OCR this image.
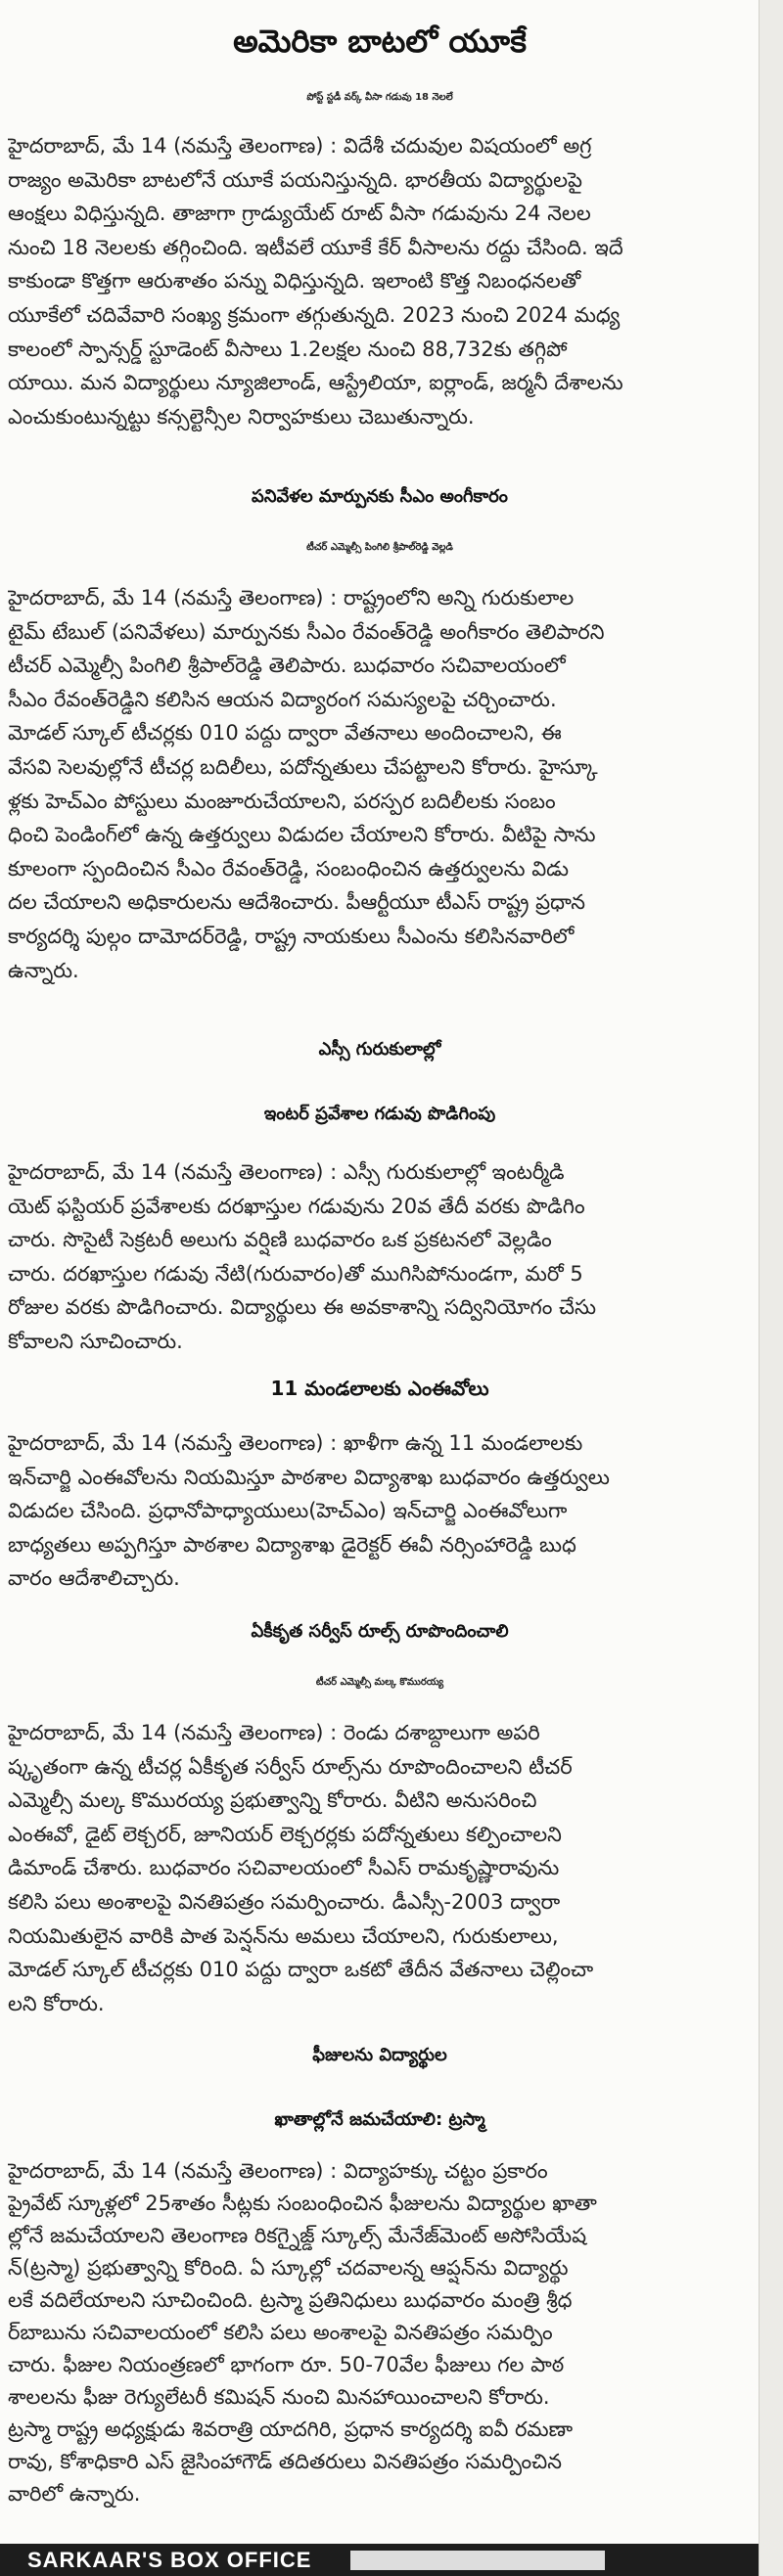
అమెరికా బాటలో యూకే
పోస్ట్ స్టడీ వర్క్ వీసా గడువు 18 నెలలే
హైదరాబాద్, మే 14 (నమస్తే తెలంగాణ) : విదేశీ చదువుల విషయంలో అగ్ర
రాజ్యం అమెరికా బాటలోనే యూకే పయనిస్తున్నది. భారతీయ విద్యార్థులపై
ఆంక్షలు విధిస్తున్నది. తాజాగా గ్రాడ్యుయేట్ రూట్ వీసా గడువును 24 నెలల
నుంచి 18 నెలలకు తగ్గించింది. ఇటీవలే యూకే కేర్ వీసాలను రద్దు చేసింది. ఇదే
కాకుండా కొత్తగా ఆరుశాతం పన్ను విధిస్తున్నది. ఇలాంటి కొత్త నిబంధనలతో
యూకేలో చదివేవారి సంఖ్య క్రమంగా తగ్గుతున్నది. 2023 నుంచి 2024 మధ్య
కాలంలో స్పాన్సర్డ్ స్టూడెంట్ వీసాలు 1.2లక్షల నుంచి 88,732కు తగ్గిపో
యాయి. మన విద్యార్థులు న్యూజిలాండ్, ఆస్ట్రేలియా, ఐర్లాండ్, జర్మనీ దేశాలను
ఎంచుకుంటున్నట్టు కన్సల్టెన్సీల నిర్వాహకులు చెబుతున్నారు.
పనివేళల మార్పునకు సీఎం అంగీకారం
టీచర్ ఎమ్మెల్సీ పింగిలి శ్రీపాల్‌రెడ్డి వెల్లడి
హైదరాబాద్, మే 14 (నమస్తే తెలంగాణ) : రాష్ట్రంలోని అన్ని గురుకులాల
టైమ్ టేబుల్ (పనివేళలు) మార్పునకు సీఎం రేవంత్‌రెడ్డి అంగీకారం తెలిపారని
టీచర్ ఎమ్మెల్సీ పింగిలి శ్రీపాల్‌రెడ్డి తెలిపారు. బుధవారం సచివాలయంలో
సీఎం రేవంత్‌రెడ్డిని కలిసిన ఆయన విద్యారంగ సమస్యలపై చర్చించారు.
మోడల్ స్కూల్ టీచర్లకు 010 పద్దు ద్వారా వేతనాలు అందించాలని, ఈ
వేసవి సెలవుల్లోనే టీచర్ల బదిలీలు, పదోన్నతులు చేపట్టాలని కోరారు. హైస్కూ
ళ్లకు హెచ్ఎం పోస్టులు మంజూరుచేయాలని, పరస్పర బదిలీలకు సంబం
ధించి పెండింగ్‌లో ఉన్న ఉత్తర్వులు విడుదల చేయాలని కోరారు. వీటిపై సాను
కూలంగా స్పందించిన సీఎం రేవంత్‌రెడ్డి, సంబంధించిన ఉత్తర్వులను విడు
దల చేయాలని అధికారులను ఆదేశించారు. పీఆర్టీయూ టీఎస్ రాష్ట్ర ప్రధాన
కార్యదర్శి పుల్గం దామోదర్‌రెడ్డి, రాష్ట్ర నాయకులు సీఎంను కలిసినవారిలో
ఉన్నారు.
ఎస్సీ గురుకులాల్లో
ఇంటర్ ప్రవేశాల గడువు పొడిగింపు
హైదరాబాద్, మే 14 (నమస్తే తెలంగాణ) : ఎస్సీ గురుకులాల్లో ఇంటర్మీడి
యెట్ ఫస్టియర్ ప్రవేశాలకు దరఖాస్తుల గడువును 20వ తేదీ వరకు పొడిగిం
చారు. సొసైటీ సెక్రటరీ అలుగు వర్షిణి బుధవారం ఒక ప్రకటనలో వెల్లడిం
చారు. దరఖాస్తుల గడువు నేటి(గురువారం)తో ముగిసిపోనుండగా, మరో 5
రోజుల వరకు పొడిగించారు. విద్యార్థులు ఈ అవకాశాన్ని సద్వినియోగం చేసు
కోవాలని సూచించారు.
11 మండలాలకు ఎంఈవోలు
హైదరాబాద్, మే 14 (నమస్తే తెలంగాణ) : ఖాళీగా ఉన్న 11 మండలాలకు
ఇన్‌చార్జి ఎంఈవోలను నియమిస్తూ పాఠశాల విద్యాశాఖ బుధవారం ఉత్తర్వులు
విడుదల చేసింది. ప్రధానోపాధ్యాయులు(హెచ్ఎం) ఇన్‌చార్జి ఎంఈవోలుగా
బాధ్యతలు అప్పగిస్తూ పాఠశాల విద్యాశాఖ డైరెక్టర్ ఈవీ నర్సింహారెడ్డి బుధ
వారం ఆదేశాలిచ్చారు.
ఏకీకృత సర్వీస్ రూల్స్ రూపొందించాలి
టీచర్ ఎమ్మెల్సీ మల్క కొమురయ్య
హైదరాబాద్, మే 14 (నమస్తే తెలంగాణ) : రెండు దశాబ్దాలుగా అపరి
ష్కృతంగా ఉన్న టీచర్ల ఏకీకృత సర్వీస్ రూల్స్‌ను రూపొందించాలని టీచర్
ఎమ్మెల్సీ మల్క కొమురయ్య ప్రభుత్వాన్ని కోరారు. వీటిని అనుసరించి
ఎంఈవో, డైట్ లెక్చరర్, జూనియర్ లెక్చరర్లకు పదోన్నతులు కల్పించాలని
డిమాండ్ చేశారు. బుధవారం సచివాలయంలో సీఎస్ రామకృష్ణారావును
కలిసి పలు అంశాలపై వినతిపత్రం సమర్పించారు. డీఎస్సీ-2003 ద్వారా
నియమితులైన వారికి పాత పెన్షన్‌ను అమలు చేయాలని, గురుకులాలు,
మోడల్ స్కూల్ టీచర్లకు 010 పద్దు ద్వారా ఒకటో తేదీన వేతనాలు చెల్లించా
లని కోరారు.
ఫీజులను విద్యార్థుల
ఖాతాల్లోనే జమచేయాలి: ట్రస్మా
హైదరాబాద్, మే 14 (నమస్తే తెలంగాణ) : విద్యాహక్కు చట్టం ప్రకారం
ప్రైవేట్ స్కూళ్లలో 25శాతం సీట్లకు సంబంధించిన ఫీజులను విద్యార్థుల ఖాతా
ల్లోనే జమచేయాలని తెలంగాణ రికగ్నైజ్డ్ స్కూల్స్ మేనేజ్‌మెంట్ అసోసియేష
న్(ట్రస్మా) ప్రభుత్వాన్ని కోరింది. ఏ స్కూల్లో చదవాలన్న ఆప్షన్‌ను విద్యార్థు
లకే వదిలేయాలని సూచించింది. ట్రస్మా ప్రతినిధులు బుధవారం మంత్రి శ్రీధ
ర్‌బాబును సచివాలయంలో కలిసి పలు అంశాలపై వినతిపత్రం సమర్పిం
చారు. ఫీజుల నియంత్రణలో భాగంగా రూ. 50-70వేల ఫీజులు గల పాఠ
శాలలను ఫీజు రెగ్యులేటరీ కమిషన్ నుంచి మినహాయించాలని కోరారు.
ట్రస్మా రాష్ట్ర అధ్యక్షుడు శివరాత్రి యాదగిరి, ప్రధాన కార్యదర్శి ఐవీ రమణా
రావు, కోశాధికారి ఎస్ జైసింహాగౌడ్ తదితరులు వినతిపత్రం సమర్పించిన
వారిలో ఉన్నారు.
SARKAAR'S BOX OFFICE
